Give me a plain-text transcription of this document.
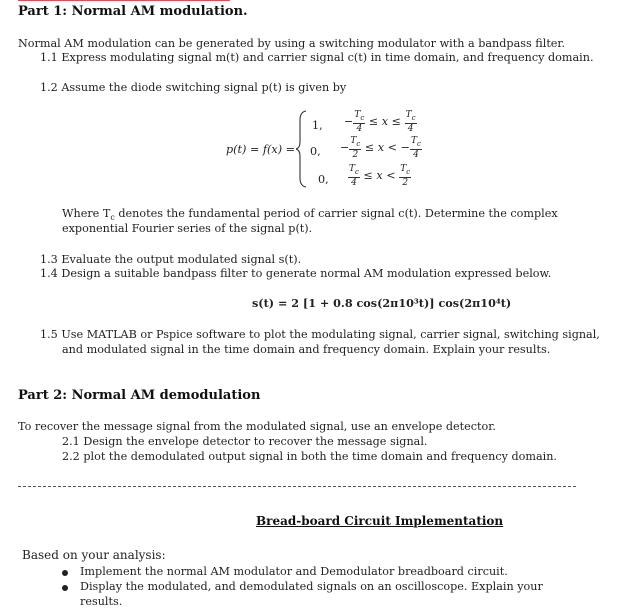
Part 1: Normal AM modulation.
Normal AM modulation can be generated by using a switching modulator with a bandpass filter.
1.1 Express modulating signal m(t) and carrier signal c(t) in time domain, and frequency domain.
1.2 Assume the diode switching signal p(t) is given by
p(t) = f(x) =
1, − $\frac{T_c}{4} \le x \le \frac{T_c}{4}$
0, − $\frac{T_c}{2} \le x$ < − $\frac{T_c}{4}$
0, $\frac{T_c}{4} \le x < \frac{T_c}{2}$
Where $T_c$ denotes the fundamental period of carrier signal c(t). Determine the complex
exponential Fourier series of the signal p(t).
1.3 Evaluate the output modulated signal s(t).
1.4 Design a suitable bandpass filter to generate normal AM modulation expressed below.
s(t) = 2 [1 + 0.8 cos(2π10³t)] cos(2π10⁴t)
1.5 Use MATLAB or Pspice software to plot the modulating signal, carrier signal, switching signal,
and modulated signal in the time domain and frequency domain. Explain your results.
Part 2: Normal AM demodulation
To recover the message signal from the modulated signal, use an envelope detector.
2.1 Design the envelope detector to recover the message signal.
2.2 plot the demodulated output signal in both the time domain and frequency domain.
Bread-board Circuit Implementation
Based on your analysis:
Implement the normal AM modulator and Demodulator breadboard circuit.
Display the modulated, and demodulated signals on an oscilloscope. Explain your
results.
